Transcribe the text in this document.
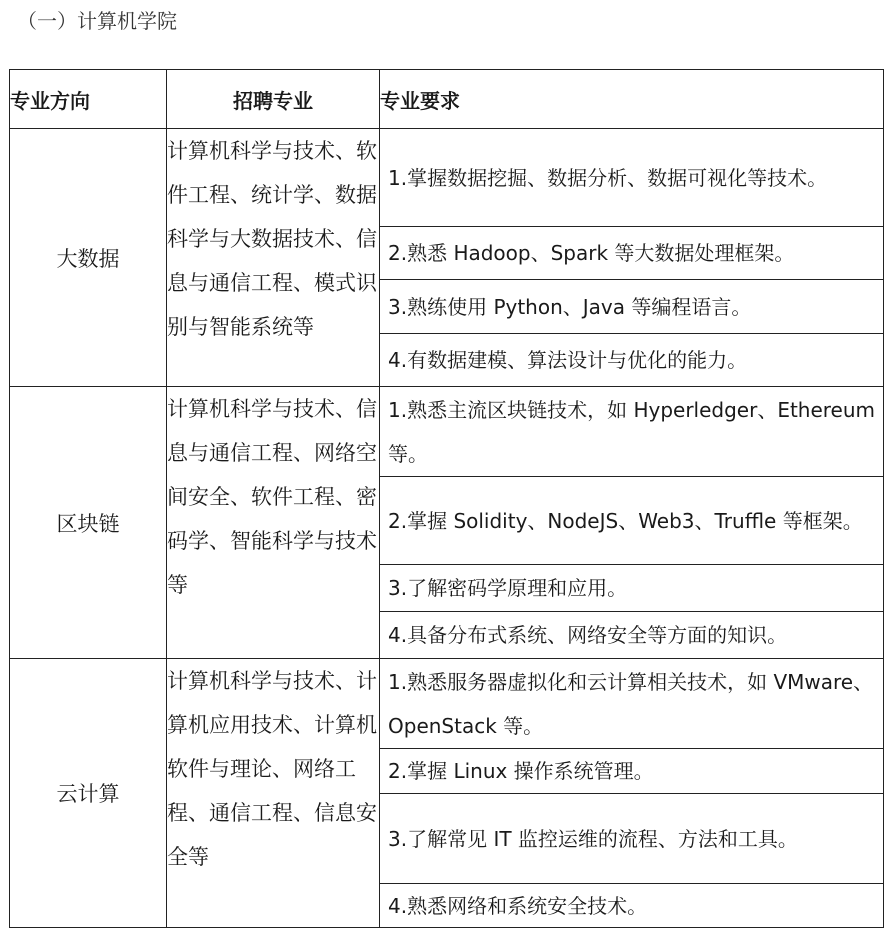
（一）计算机学院
专业方向	招聘专业	专业要求
大数据	计算机科学与技术、软件工程、统计学、数据科学与大数据技术、信息与通信工程、模式识别与智能系统等	1.掌握数据挖掘、数据分析、数据可视化等技术。
2.熟悉 Hadoop、Spark 等大数据处理框架。
3.熟练使用 Python、Java 等编程语言。
4.有数据建模、算法设计与优化的能力。

区块链	计算机科学与技术、信息与通信工程、网络空间安全、软件工程、密码学、智能科学与技术等	1.熟悉主流区块链技术，如 Hyperledger、Ethereum 等。
2.掌握 Solidity、NodeJS、Web3、Truffle 等框架。
3.了解密码学原理和应用。
4.具备分布式系统、网络安全等方面的知识。

云计算	计算机科学与技术、计算机应用技术、计算机软件与理论、网络工程、通信工程、信息安全等	1.熟悉服务器虚拟化和云计算相关技术，如 VMware、OpenStack 等。
2.掌握 Linux 操作系统管理。
3.了解常见 IT 监控运维的流程、方法和工具。
4.熟悉网络和系统安全技术。
